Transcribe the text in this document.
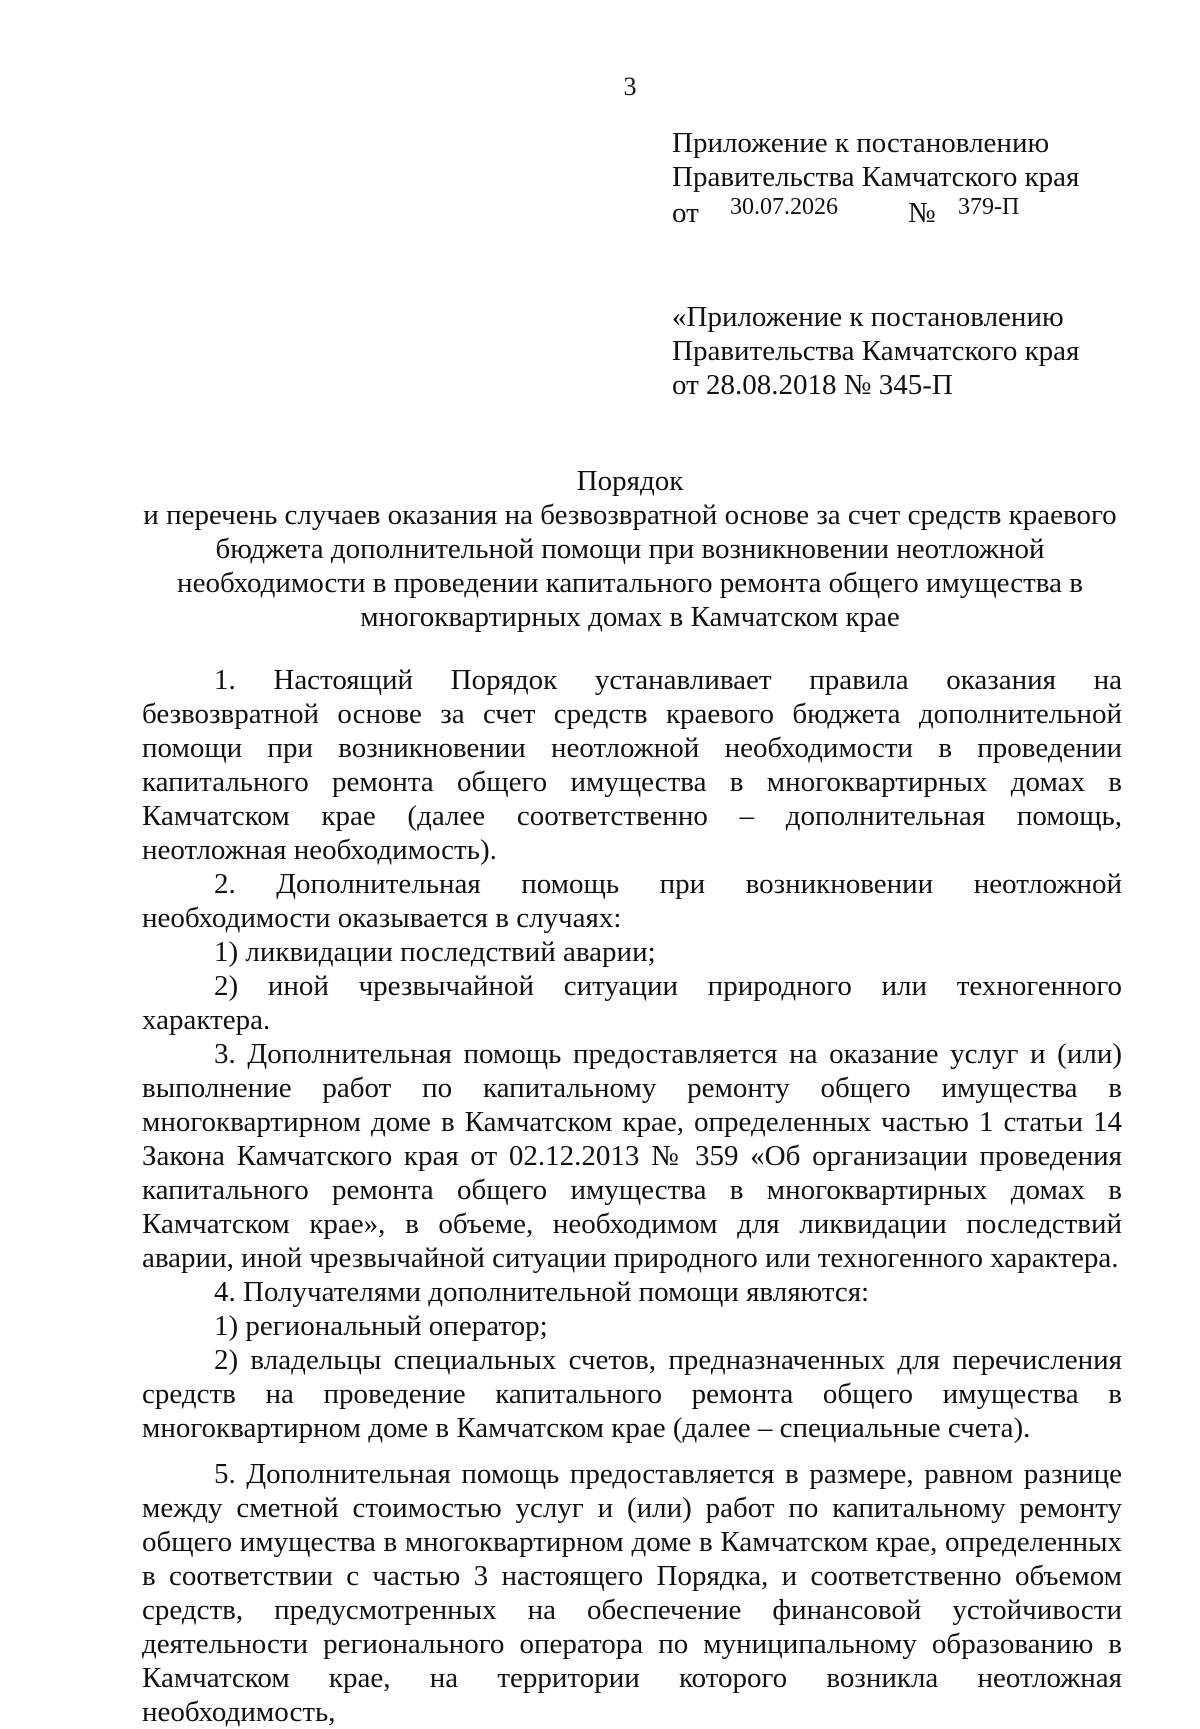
3
Приложение к постановлению
Правительства Камчатского края
от 30.07.2026 № 379-П
«Приложение к постановлению
Правительства Камчатского края
от 28.08.2018 № 345-П
Порядок
и перечень случаев оказания на безвозвратной основе за счет средств краевого
бюджета дополнительной помощи при возникновении неотложной
необходимости в проведении капитального ремонта общего имущества в
многоквартирных домах в Камчатском крае

1. Настоящий Порядок устанавливает правила оказания на безвозвратной основе за счет средств краевого бюджета дополнительной помощи при возникновении неотложной необходимости в проведении капитального ремонта общего имущества в многоквартирных домах в Камчатском крае (далее соответственно – дополнительная помощь, неотложная необходимость).

2. Дополнительная помощь при возникновении неотложной необходимости оказывается в случаях:

1) ликвидации последствий аварии;

2) иной чрезвычайной ситуации природного или техногенного характера.

3. Дополнительная помощь предоставляется на оказание услуг и (или) выполнение работ по капитальному ремонту общего имущества в многоквартирном доме в Камчатском крае, определенных частью 1 статьи 14 Закона Камчатского края от 02.12.2013 № 359 «Об организации проведения капитального ремонта общего имущества в многоквартирных домах в Камчатском крае», в объеме, необходимом для ликвидации последствий аварии, иной чрезвычайной ситуации природного или техногенного характера.

4. Получателями дополнительной помощи являются:

1) региональный оператор;

2) владельцы специальных счетов, предназначенных для перечисления средств на проведение капитального ремонта общего имущества в многоквартирном доме в Камчатском крае (далее – специальные счета).

5. Дополнительная помощь предоставляется в размере, равном разнице между сметной стоимостью услуг и (или) работ по капитальному ремонту общего имущества в многоквартирном доме в Камчатском крае, определенных в соответствии с частью 3 настоящего Порядка, и соответственно объемом средств, предусмотренных на обеспечение финансовой устойчивости деятельности регионального оператора по муниципальному образованию в Камчатском крае, на территории которого возникла неотложная необходимость,
